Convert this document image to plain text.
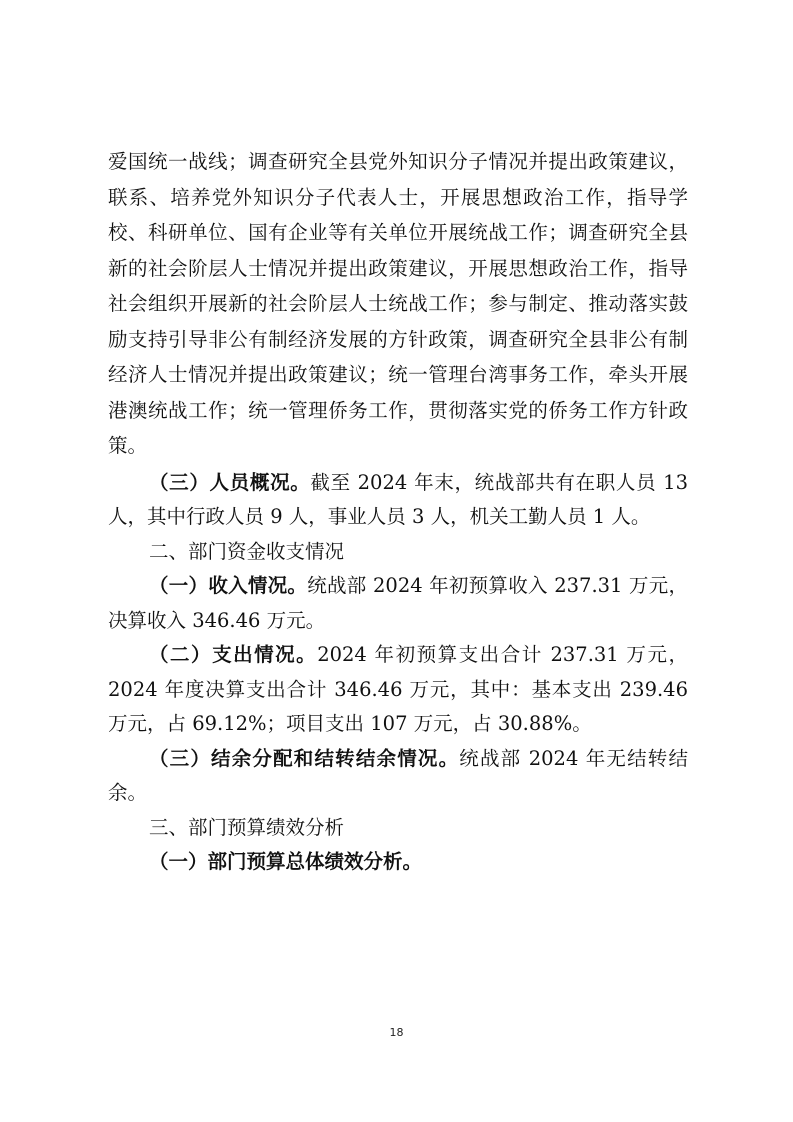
爱国统一战线；调查研究全县党外知识分子情况并提出政策建议，联系、培养党外知识分子代表人士，开展思想政治工作，指导学校、科研单位、国有企业等有关单位开展统战工作；调查研究全县新的社会阶层人士情况并提出政策建议，开展思想政治工作，指导社会组织开展新的社会阶层人士统战工作；参与制定、推动落实鼓励支持引导非公有制经济发展的方针政策，调查研究全县非公有制经济人士情况并提出政策建议；统一管理台湾事务工作，牵头开展港澳统战工作；统一管理侨务工作，贯彻落实党的侨务工作方针政策。

（三）人员概况。截至 2024 年末，统战部共有在职人员 13 人，其中行政人员 9 人，事业人员 3 人，机关工勤人员 1 人。

二、部门资金收支情况

（一）收入情况。统战部 2024 年初预算收入 237.31 万元，决算收入 346.46 万元。

（二）支出情况。2024 年初预算支出合计 237.31 万元，2024 年度决算支出合计 346.46 万元，其中：基本支出 239.46 万元，占 69.12%；项目支出 107 万元，占 30.88%。

（三）结余分配和结转结余情况。统战部 2024 年无结转结余。

三、部门预算绩效分析

（一）部门预算总体绩效分析。

18
